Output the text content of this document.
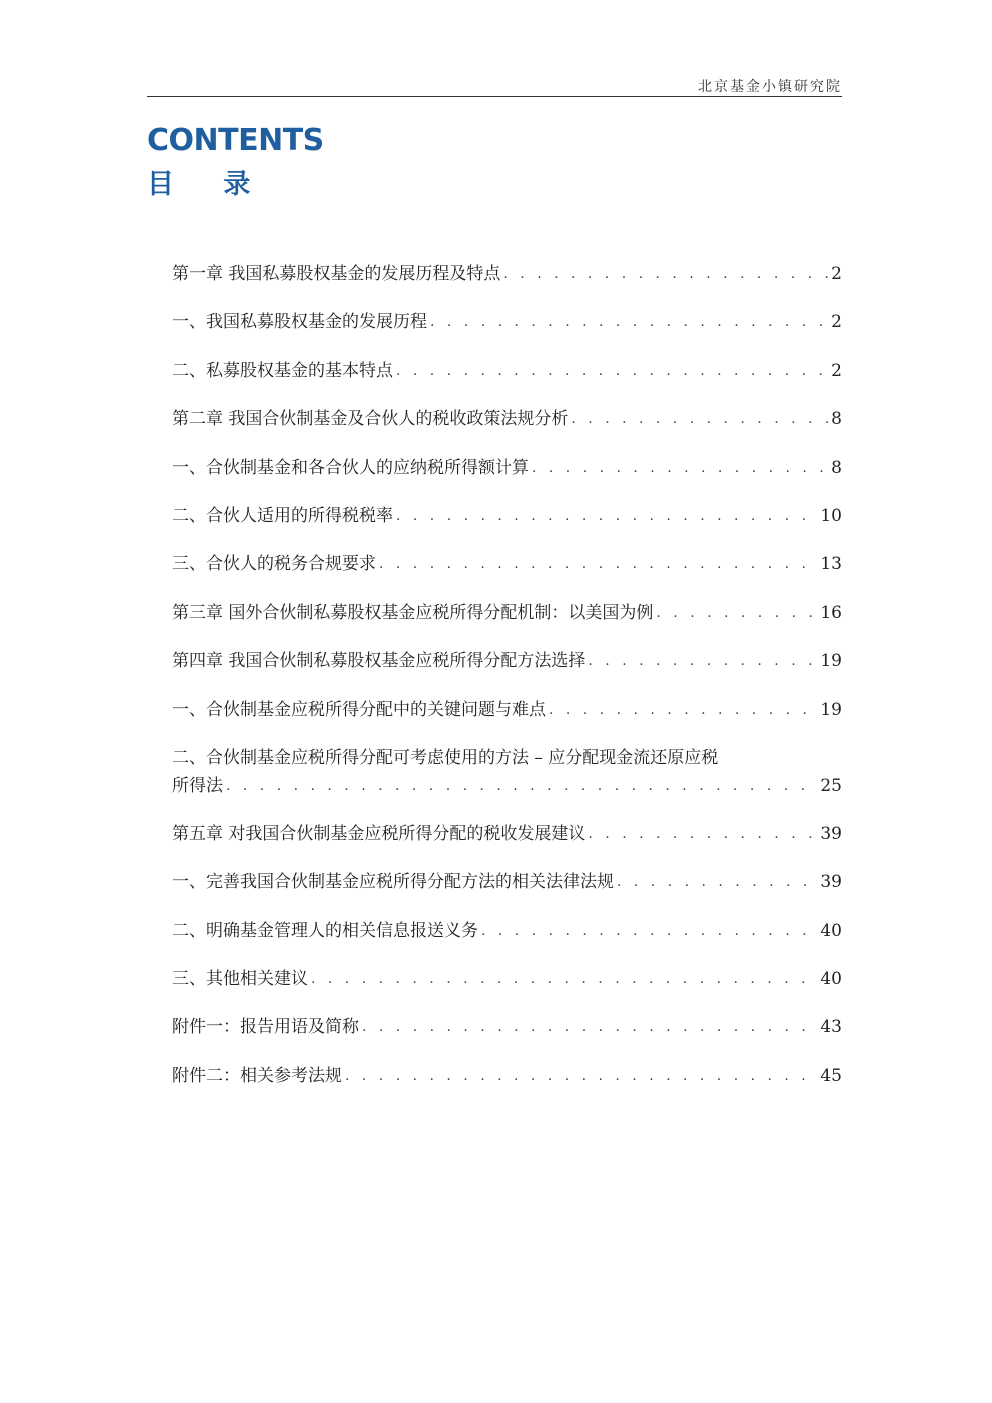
北京基金小镇研究院
CONTENTS
目 录
第一章 我国私募股权基金的发展历程及特点 . . .	2
一、我国私募股权基金的发展历程 . . .	2
二、私募股权基金的基本特点 . . .	2
第二章 我国合伙制基金及合伙人的税收政策法规分析 . . .	8
一、合伙制基金和各合伙人的应纳税所得额计算 . . .	8
二、合伙人适用的所得税税率 . . .	10
三、合伙人的税务合规要求 . . .	13
第三章 国外合伙制私募股权基金应税所得分配机制：以美国为例 . . .	16
第四章 我国合伙制私募股权基金应税所得分配方法选择 . . .	19
一、合伙制基金应税所得分配中的关键问题与难点 . . .	19
二、合伙制基金应税所得分配可考虑使用的方法 – 应分配现金流还原应税
所得法 . . .	25
第五章 对我国合伙制基金应税所得分配的税收发展建议 . . .	39
一、完善我国合伙制基金应税所得分配方法的相关法律法规 . . .	39
二、明确基金管理人的相关信息报送义务 . . .	40
三、其他相关建议 . . .	40
附件一：报告用语及简称 . . .	43
附件二：相关参考法规 . . .	45
